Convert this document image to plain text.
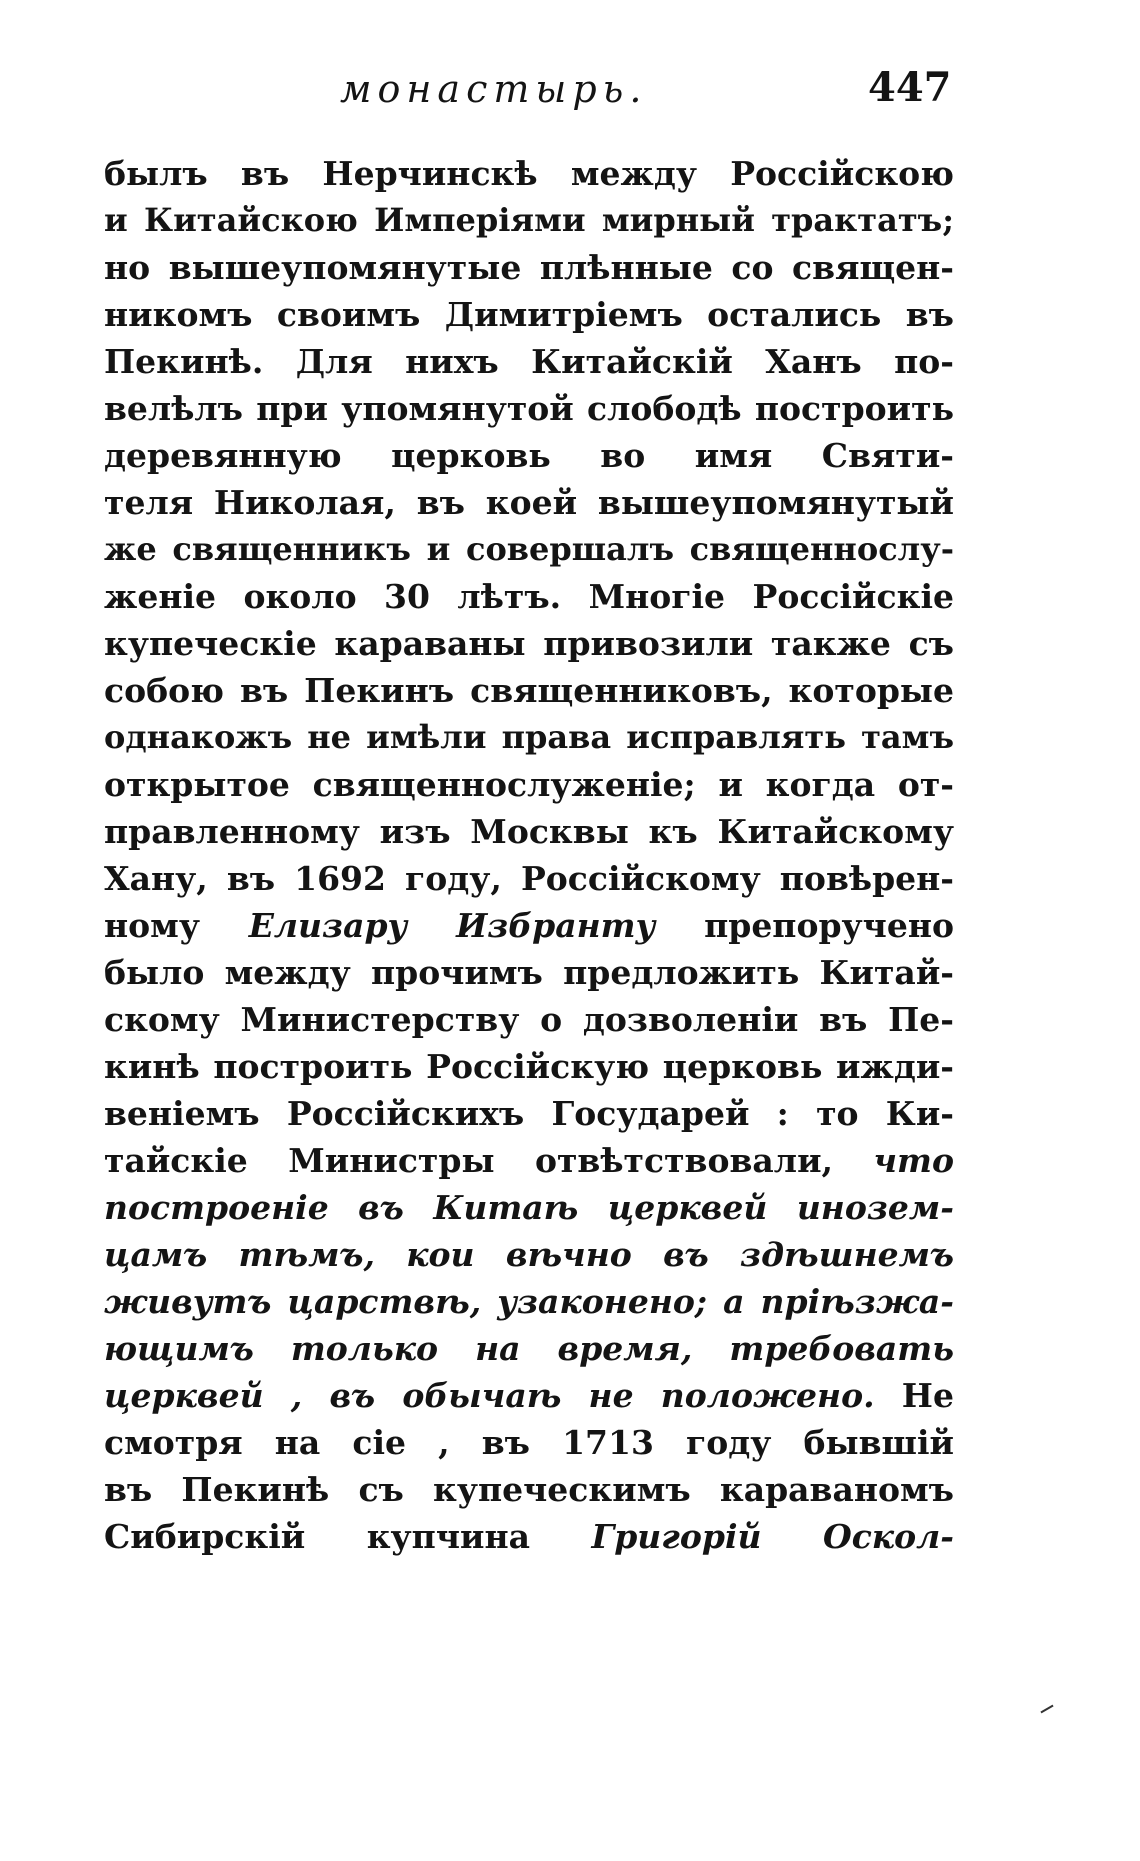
монастырь.	447
былъ въ Нерчинскѣ между Россійскою
и Китайскою Имперіями мирный трактатъ;
но вышеупомянутые плѣнные со священ-
никомъ своимъ Димитріемъ остались въ
Пекинѣ. Для нихъ Китайскій Ханъ по-
велѣлъ при упомянутой слободѣ построить
деревянную церковь во имя Святи-
теля Николая, въ коей вышеупомянутый
же священникъ и совершалъ священнослу-
женіе около 30 лѣтъ. Многіе Россійскіе
купеческіе караваны привозили также съ
собою въ Пекинъ священниковъ, которые
однакожъ не имѣли права исправлять тамъ
открытое священнослуженіе; и когда от-
правленному изъ Москвы къ Китайскому
Хану, въ 1692 году, Россійскому повѣрен-
ному Елизару Избранту препоручено
было между прочимъ предложить Китай-
скому Министерству о дозволеніи въ Пе-
кинѣ построить Россійскую церковь ижди-
веніемъ Россійскихъ Государей : то Ки-
тайскіе Министры отвѣтствовали, что
построеніе въ Китаѣ церквей инозем-
цамъ тѣмъ, кои вѣчно въ здѣшнемъ
живутъ царствѣ, узаконено; а пріѣзжа-
ющимъ только на время, требовать
церквей , въ обычаѣ не положено. Не
смотря на сіе , въ 1713 году бывшій
въ Пекинѣ съ купеческимъ караваномъ
Сибирскій купчина Григорій Оскол-
